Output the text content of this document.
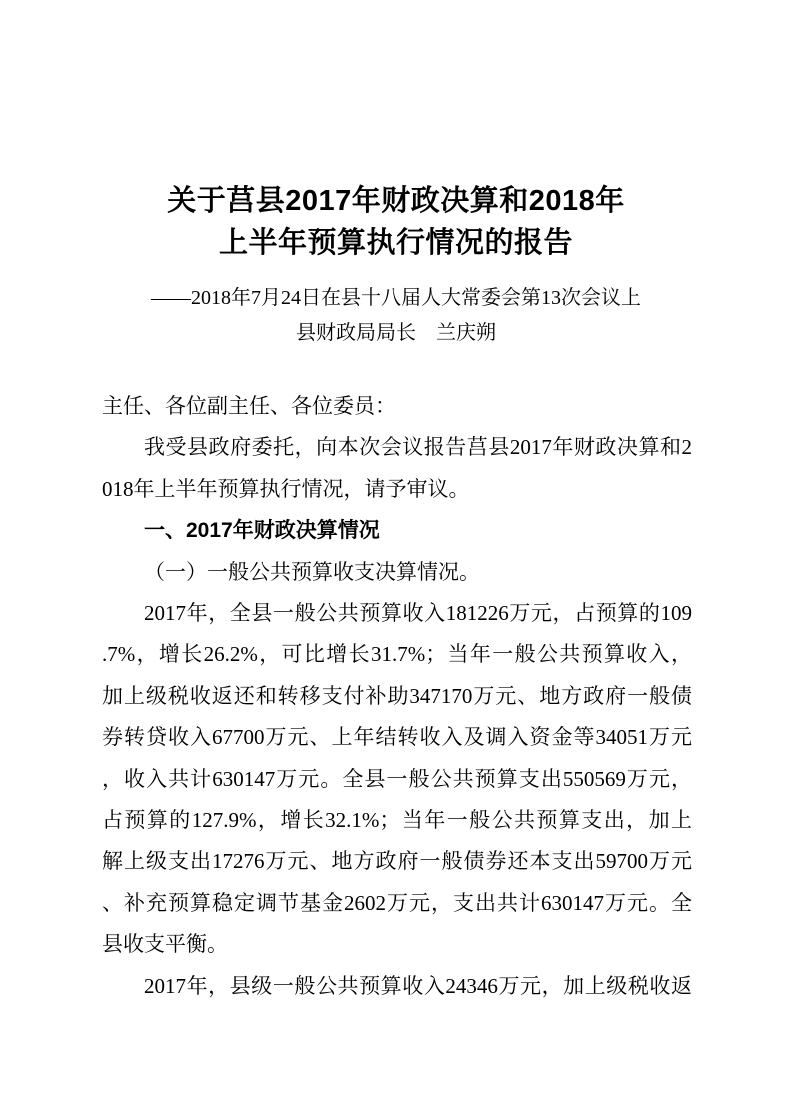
关于莒县2017年财政决算和2018年
上半年预算执行情况的报告
——2018年7月24日在县十八届人大常委会第13次会议上
县财政局局长　兰庆朔
主任、各位副主任、各位委员：
我受县政府委托，向本次会议报告莒县2017年财政决算和2
018年上半年预算执行情况，请予审议。
一、2017年财政决算情况
（一）一般公共预算收支决算情况。
2017年，全县一般公共预算收入181226万元，占预算的109
.7%，增长26.2%，可比增长31.7%；当年一般公共预算收入，
加上级税收返还和转移支付补助347170万元、地方政府一般债
券转贷收入67700万元、上年结转收入及调入资金等34051万元
，收入共计630147万元。全县一般公共预算支出550569万元，
占预算的127.9%，增长32.1%；当年一般公共预算支出，加上
解上级支出17276万元、地方政府一般债券还本支出59700万元
、补充预算稳定调节基金2602万元，支出共计630147万元。全
县收支平衡。
2017年，县级一般公共预算收入24346万元，加上级税收返
